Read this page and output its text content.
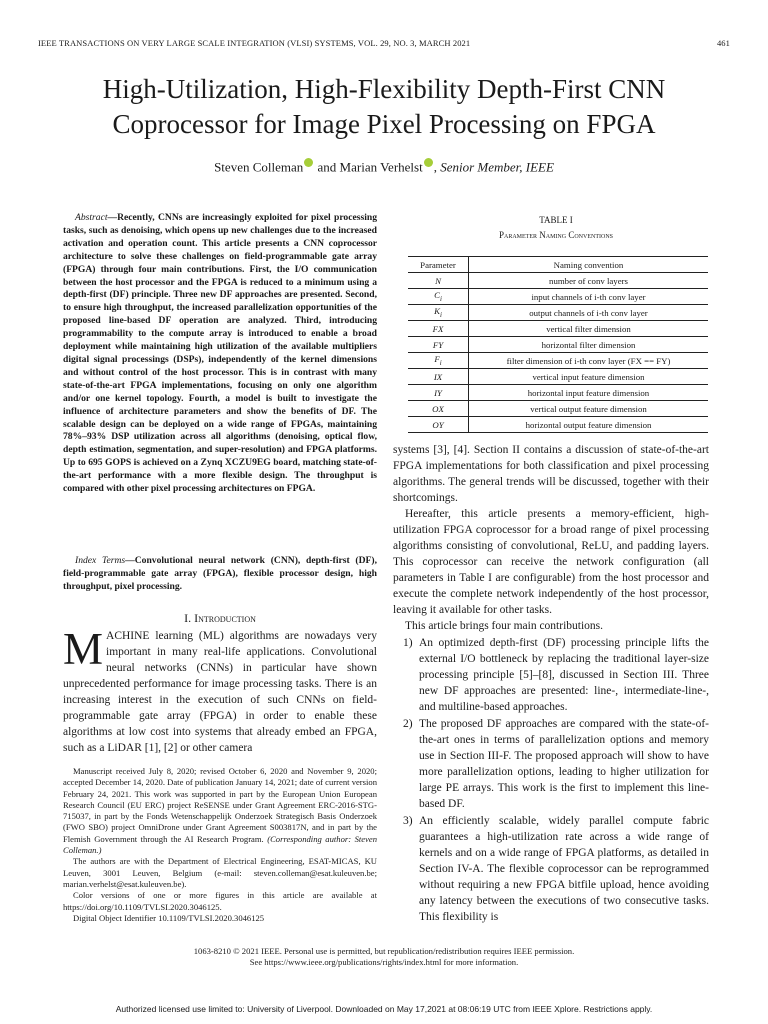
IEEE TRANSACTIONS ON VERY LARGE SCALE INTEGRATION (VLSI) SYSTEMS, VOL. 29, NO. 3, MARCH 2021	461
High-Utilization, High-Flexibility Depth-First CNN
Coprocessor for Image Pixel Processing on FPGA
Steven Colleman and Marian Verhelst , Senior Member, IEEE
Abstract—Recently, CNNs are increasingly exploited for pixel processing tasks, such as denoising, which opens up new challenges due to the increased activation and operation count. This article presents a CNN coprocessor architecture to solve these challenges on field-programmable gate array (FPGA) through four main contributions. First, the I/O communication between the host processor and the FPGA is reduced to a minimum using a depth-first (DF) principle. Three new DF approaches are presented. Second, to ensure high throughput, the increased parallelization opportunities of the proposed line-based DF operation are analyzed. Third, introducing programmability to the compute array is introduced to enable a broad deployment while maintaining high utilization of the available multipliers digital signal processings (DSPs), independently of the kernel dimensions and without control of the host processor. This is in contrast with many state-of-the-art FPGA implementations, focusing on only one algorithm and/or one kernel topology. Fourth, a model is built to investigate the influence of architecture parameters and show the benefits of DF. The scalable design can be deployed on a wide range of FPGAs, maintaining 78%–93% DSP utilization across all algorithms (denoising, optical flow, depth estimation, segmentation, and super-resolution) and FPGA platforms. Up to 695 GOPS is achieved on a Zynq XCZU9EG board, matching state-of-the-art performance with a more flexible design. The throughput is compared with other pixel processing architectures on FPGA.
Index Terms—Convolutional neural network (CNN), depth-first (DF), field-programmable gate array (FPGA), flexible processor design, high throughput, pixel processing.
I. Introduction
MACHINE learning (ML) algorithms are nowadays very important in many real-life applications. Convolutional neural networks (CNNs) in particular have shown unprecedented performance for image processing tasks. There is an increasing interest in the execution of such CNNs on field-programmable gate array (FPGA) in order to enable these algorithms at low cost into systems that already embed an FPGA, such as a LiDAR [1], [2] or other camera

Manuscript received July 8, 2020; revised October 6, 2020 and November 9, 2020; accepted December 14, 2020. Date of publication January 14, 2021; date of current version February 24, 2021. This work was supported in part by the European Union European Research Council (EU ERC) project ReSENSE under Grant Agreement ERC-2016-STG-715037, in part by the Fonds Wetenschappelijk Onderzoek Strategisch Basis Onderzoek (FWO SBO) project OmniDrone under Grant Agreement S003817N, and in part by the Flemish Government through the AI Research Program. (Corresponding author: Steven Colleman.)

The authors are with the Department of Electrical Engineering, ESAT-MICAS, KU Leuven, 3001 Leuven, Belgium (e-mail: steven.colleman@esat.kuleuven.be; marian.verhelst@esat.kuleuven.be).

Color versions of one or more figures in this article are available at https://doi.org/10.1109/TVLSI.2020.3046125.

Digital Object Identifier 10.1109/TVLSI.2020.3046125

TABLE I
Parameter Naming Conventions
Parameter	Naming convention
N	number of conv layers
$C_i$	input channels of i-th conv layer
$K_i$	output channels of i-th conv layer
FX	vertical filter dimension
FY	horizontal filter dimension
$F_i$	filter dimension of i-th conv layer (FX == FY)
IX	vertical input feature dimension
IY	horizontal input feature dimension
OX	vertical output feature dimension
OY	horizontal output feature dimension

systems [3], [4]. Section II contains a discussion of state-of-the-art FPGA implementations for both classification and pixel processing algorithms. The general trends will be discussed, together with their shortcomings.

Hereafter, this article presents a memory-efficient, high-utilization FPGA coprocessor for a broad range of pixel processing algorithms consisting of convolutional, ReLU, and padding layers. This coprocessor can receive the network configuration (all parameters in Table I are configurable) from the host processor and execute the complete network independently of the host processor, leaving it available for other tasks.

This article brings four main contributions.

1) An optimized depth-first (DF) processing principle lifts the external I/O bottleneck by replacing the traditional layer-size processing principle [5]–[8], discussed in Section III. Three new DF approaches are presented: line-, intermediate-line-, and multiline-based approaches.
2) The proposed DF approaches are compared with the state-of-the-art ones in terms of parallelization options and memory use in Section III-F. The proposed approach will show to have more parallelization options, leading to higher utilization for large PE arrays. This work is the first to implement this line-based DF.
3) An efficiently scalable, widely parallel compute fabric guarantees a high-utilization rate across a wide range of kernels and on a wide range of FPGA platforms, as detailed in Section IV-A. The flexible coprocessor can be reprogrammed without requiring a new FPGA bitfile upload, hence avoiding any latency between the executions of two consecutive tasks. This flexibility is
1063-8210 © 2021 IEEE. Personal use is permitted, but republication/redistribution requires IEEE permission.
See https://www.ieee.org/publications/rights/index.html for more information.
Authorized licensed use limited to: University of Liverpool. Downloaded on May 17,2021 at 08:06:19 UTC from IEEE Xplore. Restrictions apply.
